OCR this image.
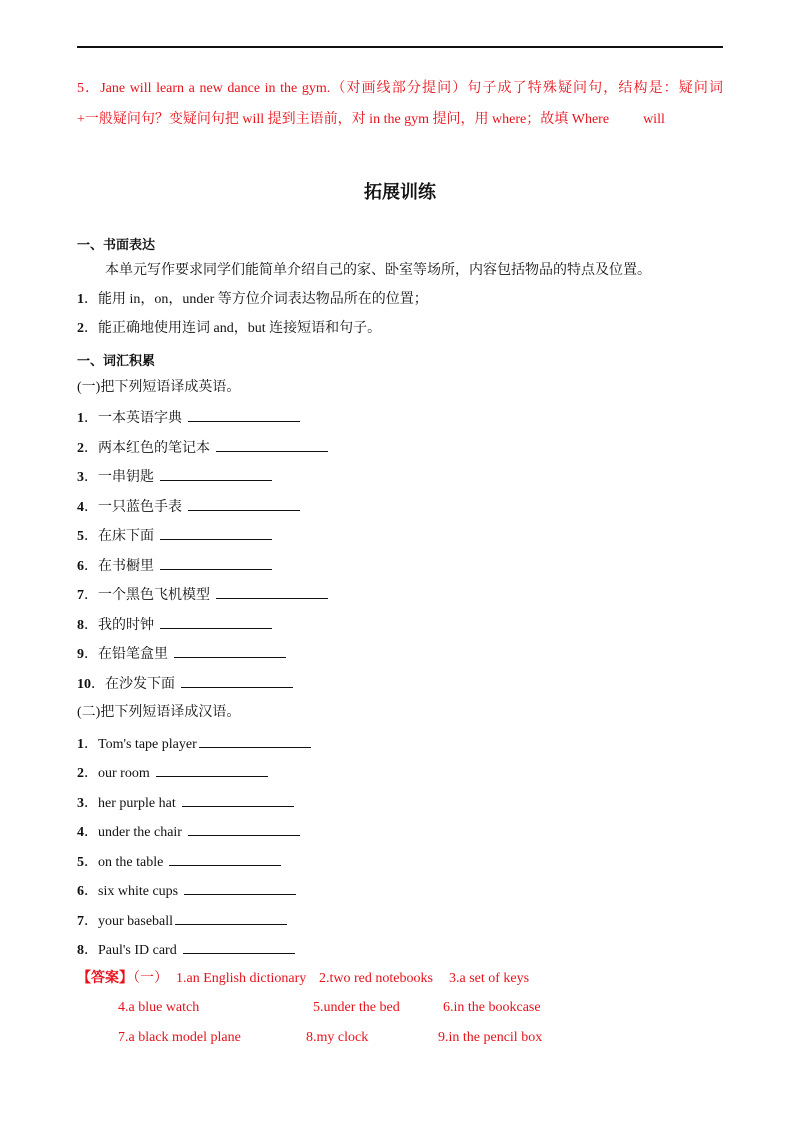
5．Jane will learn a new dance in the gym.（对画线部分提问）句子成了特殊疑问句，结构是：疑问词
+一般疑问句？变疑问句把 will 提到主语前，对 in the gym 提问，用 where；故填 Where will
拓展训练
一、书面表达
本单元写作要求同学们能简单介绍自己的家、卧室等场所，内容包括物品的特点及位置。
1．能用 in，on，under 等方位介词表达物品所在的位置；
2．能正确地使用连词 and，but 连接短语和句子。
一、词汇积累
(一)把下列短语译成英语。
1．一本英语字典
2．两本红色的笔记本
3．一串钥匙
4．一只蓝色手表
5．在床下面
6．在书橱里
7．一个黑色飞机模型
8．我的时钟
9．在铅笔盒里
10．在沙发下面
(二)把下列短语译成汉语。
1．Tom's tape player
2．our room
3．her purple hat
4．under the chair
5．on the table
6．six white cups
7．your baseball
8．Paul's ID card
【答案】（一） 1.an English dictionary 2.two red notebooks 3.a set of keys
4.a blue watch	5.under the bed	6.in the bookcase
7.a black model plane	8.my clock	9.in the pencil box
